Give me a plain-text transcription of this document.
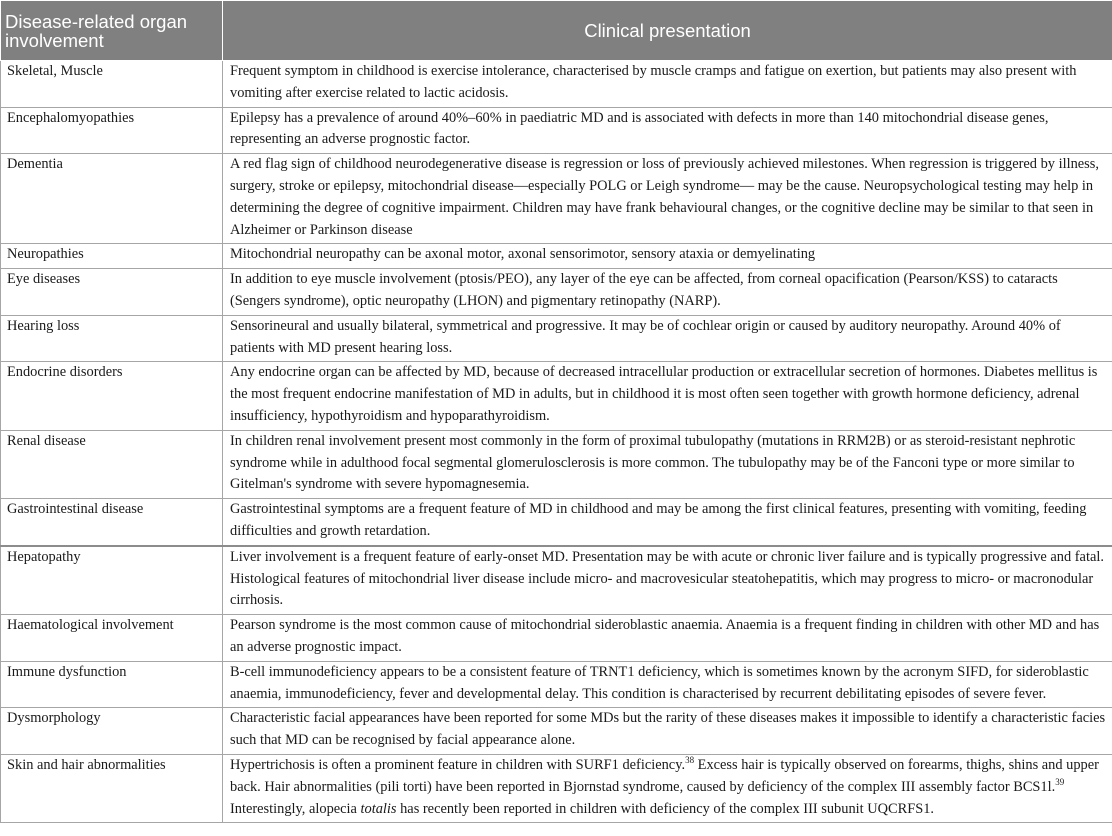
Disease-related organ involvement	Clinical presentation
Skeletal, Muscle	Frequent symptom in childhood is exercise intolerance, characterised by muscle cramps and fatigue on exertion, but patients may also present with vomiting after exercise related to lactic acidosis.
Encephalomyopathies	Epilepsy has a prevalence of around 40%–60% in paediatric MD and is associated with defects in more than 140 mitochondrial disease genes, representing an adverse prognostic factor.
Dementia	A red flag sign of childhood neurodegenerative disease is regression or loss of previously achieved milestones. When regression is triggered by illness, surgery, stroke or epilepsy, mitochondrial disease—especially POLG or Leigh syndrome— may be the cause. Neuropsychological testing may help in determining the degree of cognitive impairment. Children may have frank behavioural changes, or the cognitive decline may be similar to that seen in Alzheimer or Parkinson disease
Neuropathies	Mitochondrial neuropathy can be axonal motor, axonal sensorimotor, sensory ataxia or demyelinating
Eye diseases	In addition to eye muscle involvement (ptosis/PEO), any layer of the eye can be affected, from corneal opacification (Pearson/KSS) to cataracts (Sengers syndrome), optic neuropathy (LHON) and pigmentary retinopathy (NARP).
Hearing loss	Sensorineural and usually bilateral, symmetrical and progressive. It may be of cochlear origin or caused by auditory neuropathy. Around 40% of patients with MD present hearing loss.
Endocrine disorders	Any endocrine organ can be affected by MD, because of decreased intracellular production or extracellular secretion of hormones. Diabetes mellitus is the most frequent endocrine manifestation of MD in adults, but in childhood it is most often seen together with growth hormone deficiency, adrenal insufficiency, hypothyroidism and hypoparathyroidism.
Renal disease	In children renal involvement present most commonly in the form of proximal tubulopathy (mutations in RRM2B) or as steroid-resistant nephrotic syndrome while in adulthood focal segmental glomerulosclerosis is more common. The tubulopathy may be of the Fanconi type or more similar to Gitelman's syndrome with severe hypomagnesemia.
Gastrointestinal disease	Gastrointestinal symptoms are a frequent feature of MD in childhood and may be among the first clinical features, presenting with vomiting, feeding difficulties and growth retardation.
Hepatopathy	Liver involvement is a frequent feature of early-onset MD. Presentation may be with acute or chronic liver failure and is typically progressive and fatal. Histological features of mitochondrial liver disease include micro- and macrovesicular steatohepatitis, which may progress to micro- or macronodular cirrhosis.
Haematological involvement	Pearson syndrome is the most common cause of mitochondrial sideroblastic anaemia. Anaemia is a frequent finding in children with other MD and has an adverse prognostic impact.
Immune dysfunction	B-cell immunodeficiency appears to be a consistent feature of TRNT1 deficiency, which is sometimes known by the acronym SIFD, for sideroblastic anaemia, immunodeficiency, fever and developmental delay. This condition is characterised by recurrent debilitating episodes of severe fever.
Dysmorphology	Characteristic facial appearances have been reported for some MDs but the rarity of these diseases makes it impossible to identify a characteristic facies such that MD can be recognised by facial appearance alone.
Skin and hair abnormalities	Hypertrichosis is often a prominent feature in children with SURF1 deficiency.$^{38}$ Excess hair is typically observed on forearms, thighs, shins and upper back. Hair abnormalities (pili torti) have been reported in Bjornstad syndrome, caused by deficiency of the complex III assembly factor BCS1l.$^{39}$ Interestingly, alopecia totalis has recently been reported in children with deficiency of the complex III subunit UQCRFS1.
